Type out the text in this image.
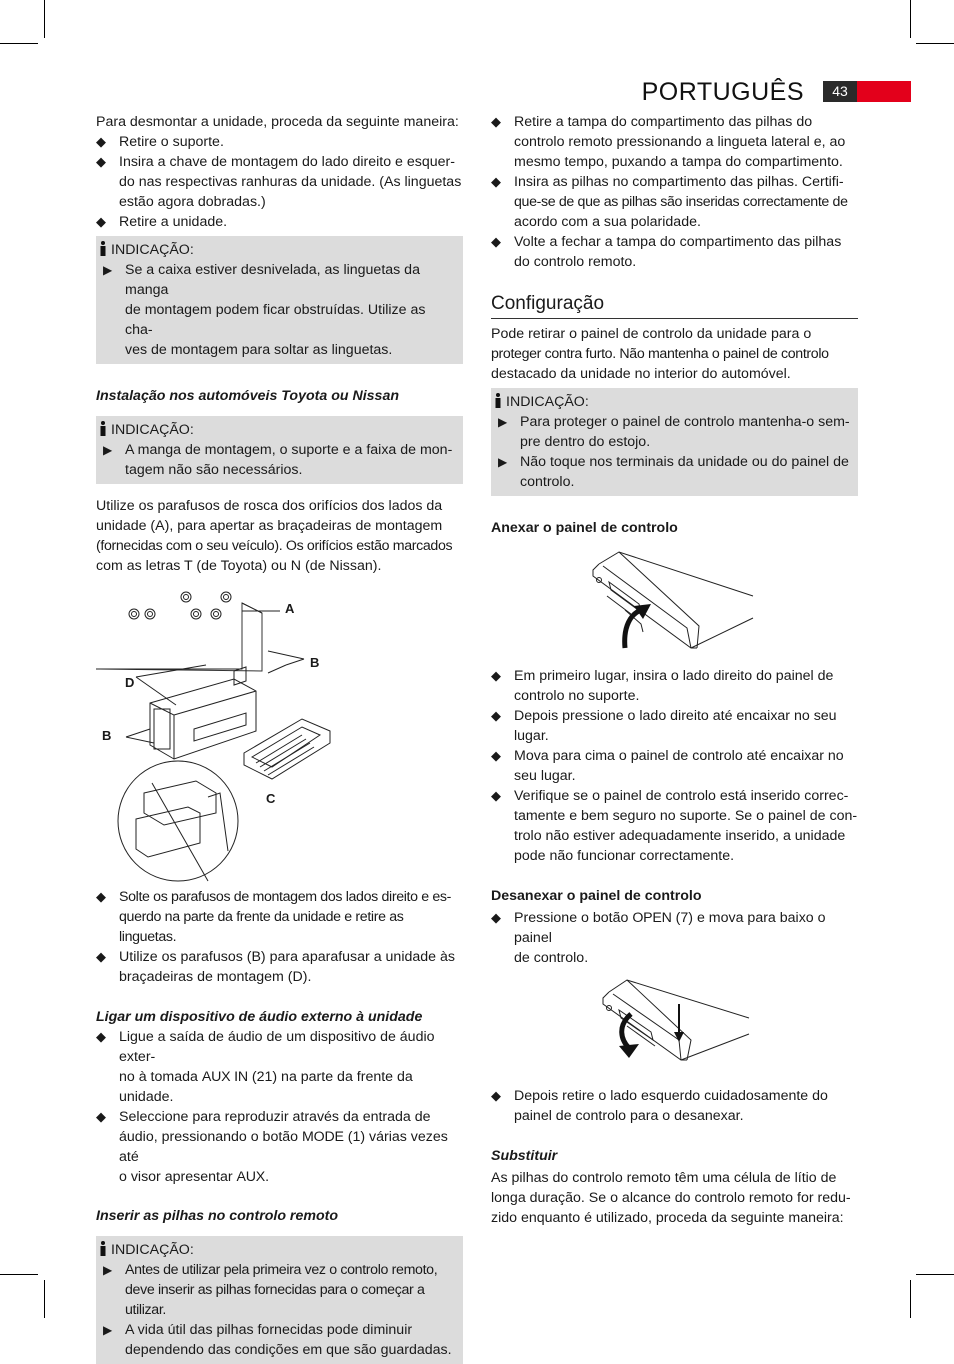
PORTUGUÊS	43

Para desmontar a unidade, proceda da seguinte maneira:

◆ Retire o suporte.
◆ Insira a chave de montagem do lado direito e esquer-
do nas respectivas ranhuras da unidade. (As linguetas
estão agora dobradas.)
◆ Retire a unidade.
INDICAÇÃO:
▶ Se a caixa estiver desnivelada, as linguetas da manga
de montagem podem ficar obstruídas. Utilize as cha-
ves de montagem para soltar as linguetas.

Instalação nos automóveis Toyota ou Nissan

INDICAÇÃO:
▶ A manga de montagem, o suporte e a faixa de mon-
tagem não são necessários.

Utilize os parafusos de rosca dos orifícios dos lados da
unidade (A), para apertar as braçadeiras de montagem
(fornecidas com o seu veículo). Os orifícios estão marcados
com as letras T (de Toyota) ou N (de Nissan).

A
B
D
B
C
◆ Solte os parafusos de montagem dos lados direito e es-
querdo na parte da frente da unidade e retire as linguetas.
◆ Utilize os parafusos (B) para aparafusar a unidade às
braçadeiras de montagem (D).

Ligar um dispositivo de áudio externo à unidade

◆ Ligue a saída de áudio de um dispositivo de áudio exter-
no à tomada AUX IN (21) na parte da frente da unidade.
◆ Seleccione para reproduzir através da entrada de
áudio, pressionando o botão MODE (1) várias vezes até
o visor apresentar AUX.

Inserir as pilhas no controlo remoto

INDICAÇÃO:
▶ Antes de utilizar pela primeira vez o controlo remoto,
deve inserir as pilhas fornecidas para o começar a utilizar.
▶ A vida útil das pilhas fornecidas pode diminuir
dependendo das condições em que são guardadas.
◆ Retire a tampa do compartimento das pilhas do
controlo remoto pressionando a lingueta lateral e, ao
mesmo tempo, puxando a tampa do compartimento.
◆ Insira as pilhas no compartimento das pilhas. Certifi-
que-se de que as pilhas são inseridas correctamente de
acordo com a sua polaridade.
◆ Volte a fechar a tampa do compartimento das pilhas
do controlo remoto.
Configuração

Pode retirar o painel de controlo da unidade para o
proteger contra furto. Não mantenha o painel de controlo
destacado da unidade no interior do automóvel.

INDICAÇÃO:
▶ Para proteger o painel de controlo mantenha-o sem-
pre dentro do estojo.
▶ Não toque nos terminais da unidade ou do painel de
controlo.

Anexar o painel de controlo

◆ Em primeiro lugar, insira o lado direito do painel de
controlo no suporte.
◆ Depois pressione o lado direito até encaixar no seu
lugar.
◆ Mova para cima o painel de controlo até encaixar no
seu lugar.
◆ Verifique se o painel de controlo está inserido correc-
tamente e bem seguro no suporte. Se o painel de con-
trolo não estiver adequadamente inserido, a unidade
pode não funcionar correctamente.

Desanexar o painel de controlo

◆ Pressione o botão OPEN (7) e mova para baixo o painel
de controlo.
◆ Depois retire o lado esquerdo cuidadosamente do
painel de controlo para o desanexar.

Substituir

As pilhas do controlo remoto têm uma célula de lítio de
longa duração. Se o alcance do controlo remoto for redu-
zido enquanto é utilizado, proceda da seguinte maneira:
